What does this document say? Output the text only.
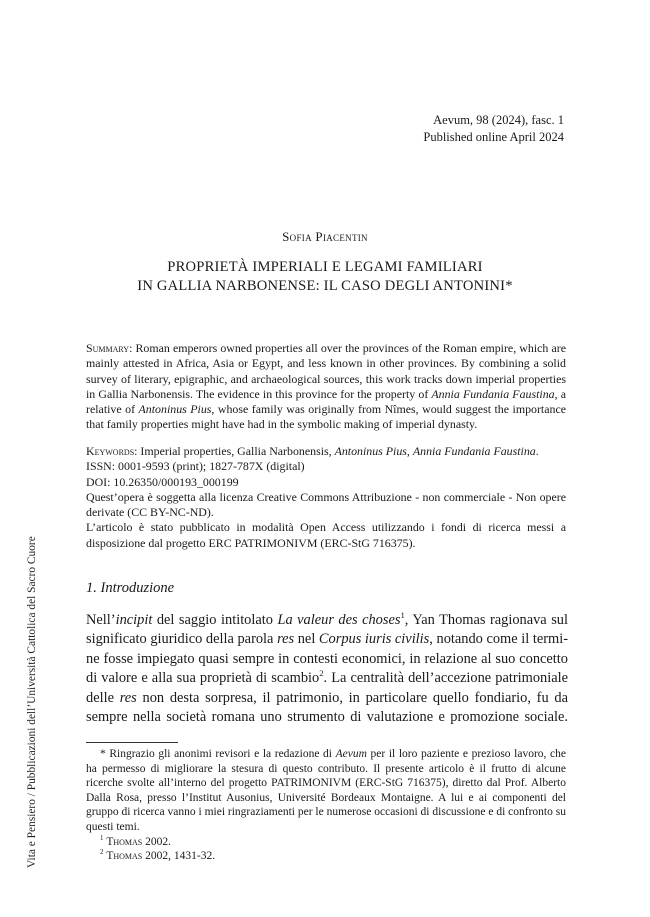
Aevum, 98 (2024), fasc. 1
Published online April 2024
Sofia Piacentin
PROPRIETÀ IMPERIALI E LEGAMI FAMILIARI
IN GALLIA NARBONENSE: IL CASO DEGLI ANTONINI*
Summary: Roman emperors owned properties all over the provinces of the Roman empire, which are mainly attested in Africa, Asia or Egypt, and less known in other provinces. By combining a solid survey of literary, epigraphic, and archaeological sources, this work tracks down imperial properties in Gallia Narbonensis. The evidence in this province for the property of Annia Fundania Faustina, a relative of Antoninus Pius, whose family was originally from Nîmes, would suggest the importance that family properties might have had in the symbolic making of imperial dynasty.

Keywords: Imperial properties, Gallia Narbonensis, Antoninus Pius, Annia Fundania Faustina.

ISSN: 0001-9593 (print); 1827-787X (digital)

DOI: 10.26350/000193_000199

Quest’opera è soggetta alla licenza Creative Commons Attribuzione - non commerciale - Non opere derivate (CC BY-NC-ND).

L’articolo è stato pubblicato in modalità Open Access utilizzando i fondi di ricerca messi a disposizione dal progetto ERC PATRIMONIVM (ERC-StG 716375).

1. Introduzione
Nell’incipit del saggio intitolato La valeur des choses$^1$, Yan Thomas ragionava sul
significato giuridico della parola res nel Corpus iuris civilis, notando come il termi-
ne fosse impiegato quasi sempre in contesti economici, in relazione al suo concetto
di valore e alla sua proprietà di scambio$^2$. La centralità dell’accezione patrimoniale
delle res non desta sorpresa, il patrimonio, in particolare quello fondiario, fu da
sempre nella società romana uno strumento di valutazione e promozione sociale.

* Ringrazio gli anonimi revisori e la redazione di Aevum per il loro paziente e prezioso lavoro, che ha permesso di migliorare la stesura di questo contributo. Il presente articolo è il frutto di alcune ricerche svolte all’interno del progetto PATRIMONIVM (ERC-StG 716375), diretto dal Prof. Alberto Dalla Rosa, presso l’Institut Ausonius, Université Bordeaux Montaigne. A lui e ai componenti del gruppo di ricerca vanno i miei ringraziamenti per le numerose occasioni di discussione e di confronto su questi temi.

$^1$ Thomas 2002.

$^2$ Thomas 2002, 1431-32.

Vita e Pensiero / Pubblicazioni dell’Università Cattolica del Sacro Cuore
